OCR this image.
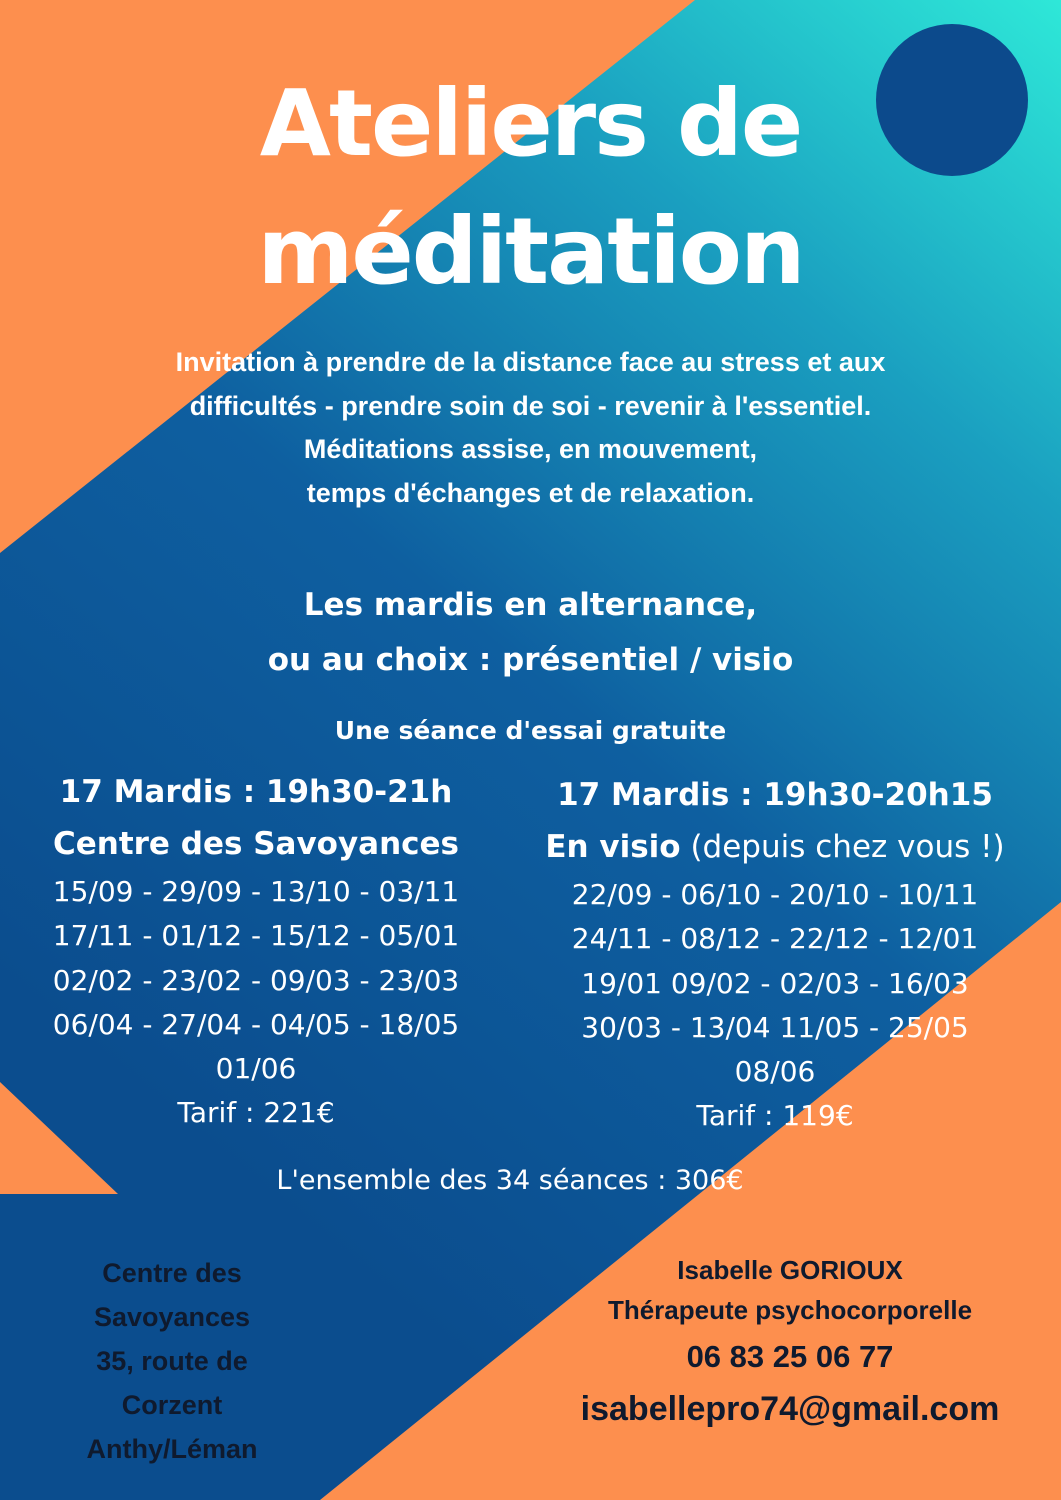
Ateliers de
méditation
Invitation à prendre de la distance face au stress et aux
difficultés - prendre soin de soi - revenir à l'essentiel.
Méditations assise, en mouvement,
temps d'échanges et de relaxation.
Les mardis en alternance,
ou au choix : présentiel / visio
Une séance d'essai gratuite
17 Mardis : 19h30-21h
Centre des Savoyances
15/09 - 29/09 - 13/10 - 03/11
17/11 - 01/12 - 15/12 - 05/01
02/02 - 23/02 - 09/03 - 23/03
06/04 - 27/04 - 04/05 - 18/05
01/06
Tarif : 221€
17 Mardis : 19h30-20h15
En visio (depuis chez vous !)
22/09 - 06/10 - 20/10 - 10/11
24/11 - 08/12 - 22/12 - 12/01
19/01 09/02 - 02/03 - 16/03
30/03 - 13/04 11/05 - 25/05
08/06
Tarif : 119€
L'ensemble des 34 séances : 306€
Centre des
Savoyances
35, route de
Corzent
Anthy/Léman
Isabelle GORIOUX
Thérapeute psychocorporelle
06 83 25 06 77
isabellepro74@gmail.com
